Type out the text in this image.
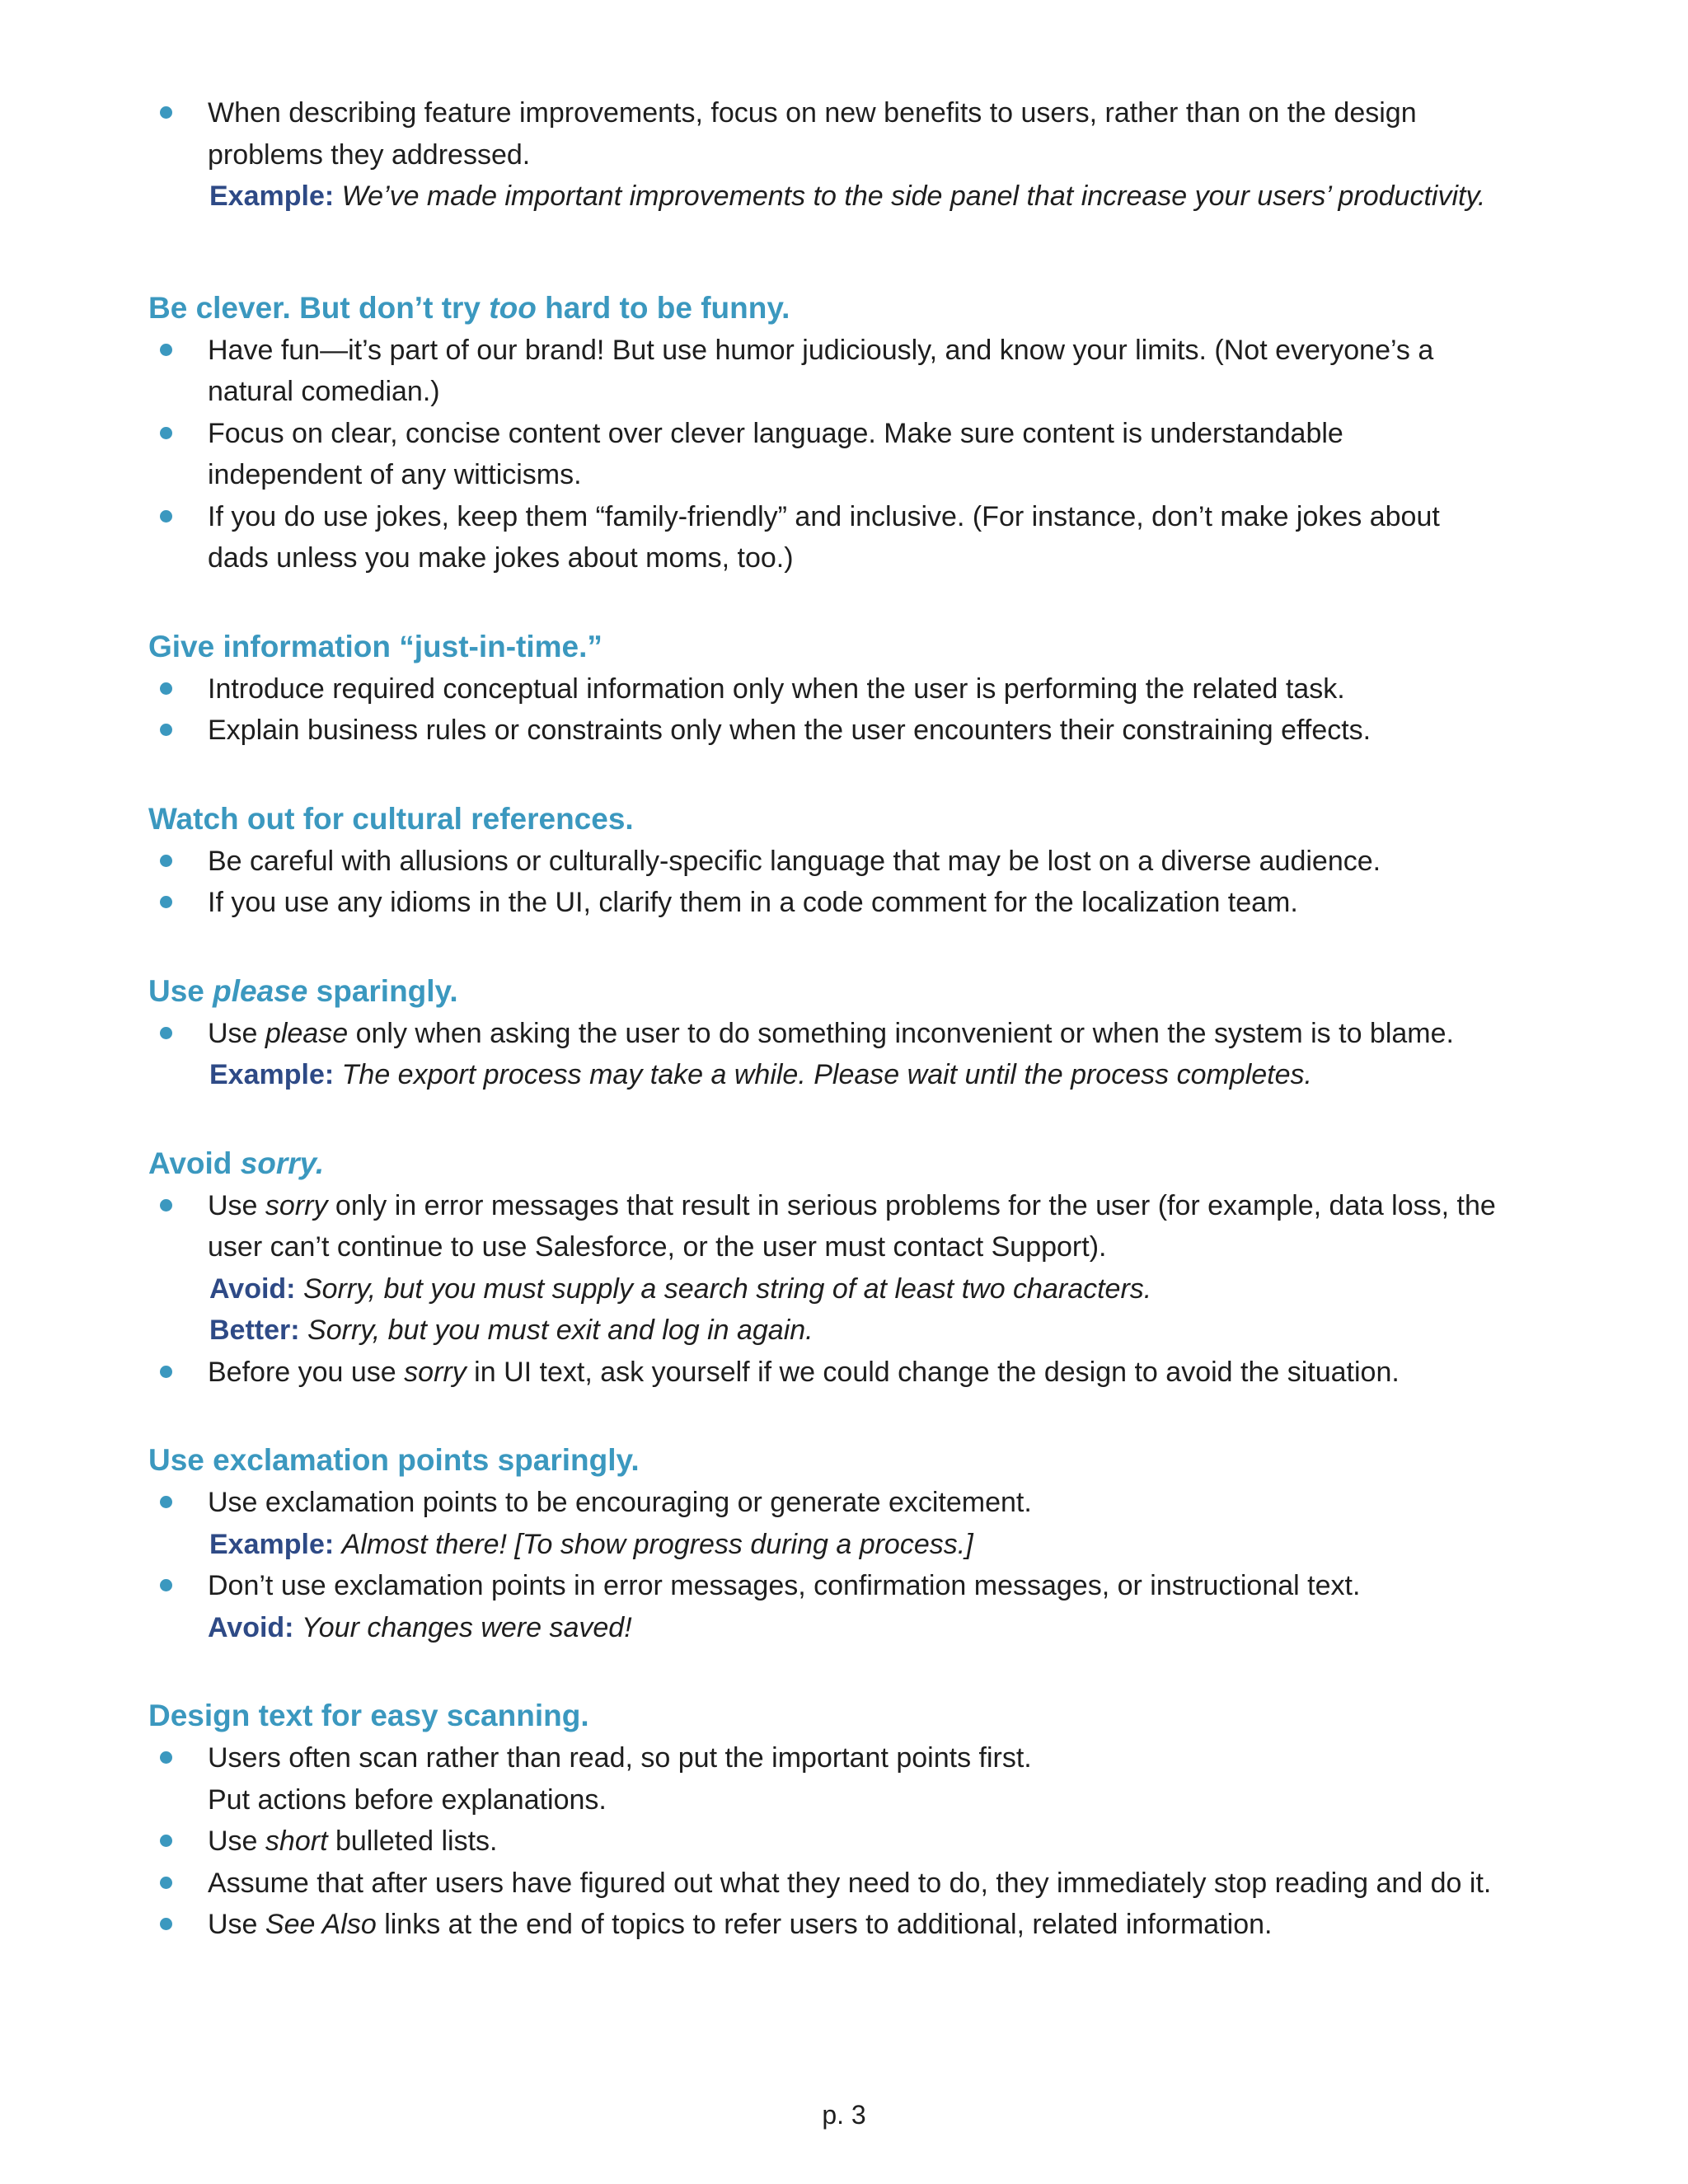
When describing feature improvements, focus on new benefits to users, rather than on the design problems they addressed.
Example: We’ve made important improvements to the side panel that increase your users’ productivity.
Be clever. But don’t try too hard to be funny.
Have fun—it’s part of our brand! But use humor judiciously, and know your limits. (Not everyone’s a natural comedian.)
Focus on clear, concise content over clever language. Make sure content is understandable independent of any witticisms.
If you do use jokes, keep them “family-friendly” and inclusive. (For instance, don’t make jokes about dads unless you make jokes about moms, too.)
Give information “just-in-time.”
Introduce required conceptual information only when the user is performing the related task.
Explain business rules or constraints only when the user encounters their constraining effects.
Watch out for cultural references.
Be careful with allusions or culturally-specific language that may be lost on a diverse audience.
If you use any idioms in the UI, clarify them in a code comment for the localization team.
Use please sparingly.
Use please only when asking the user to do something inconvenient or when the system is to blame.
Example: The export process may take a while. Please wait until the process completes.
Avoid sorry.
Use sorry only in error messages that result in serious problems for the user (for example, data loss, the user can’t continue to use Salesforce, or the user must contact Support).
Avoid: Sorry, but you must supply a search string of at least two characters.
Better: Sorry, but you must exit and log in again.
Before you use sorry in UI text, ask yourself if we could change the design to avoid the situation.
Use exclamation points sparingly.
Use exclamation points to be encouraging or generate excitement.
Example: Almost there! [To show progress during a process.]
Don’t use exclamation points in error messages, confirmation messages, or instructional text.
Avoid: Your changes were saved!
Design text for easy scanning.
Users often scan rather than read, so put the important points first.
Put actions before explanations.
Use short bulleted lists.
Assume that after users have figured out what they need to do, they immediately stop reading and do it.
Use See Also links at the end of topics to refer users to additional, related information.
p. 3
